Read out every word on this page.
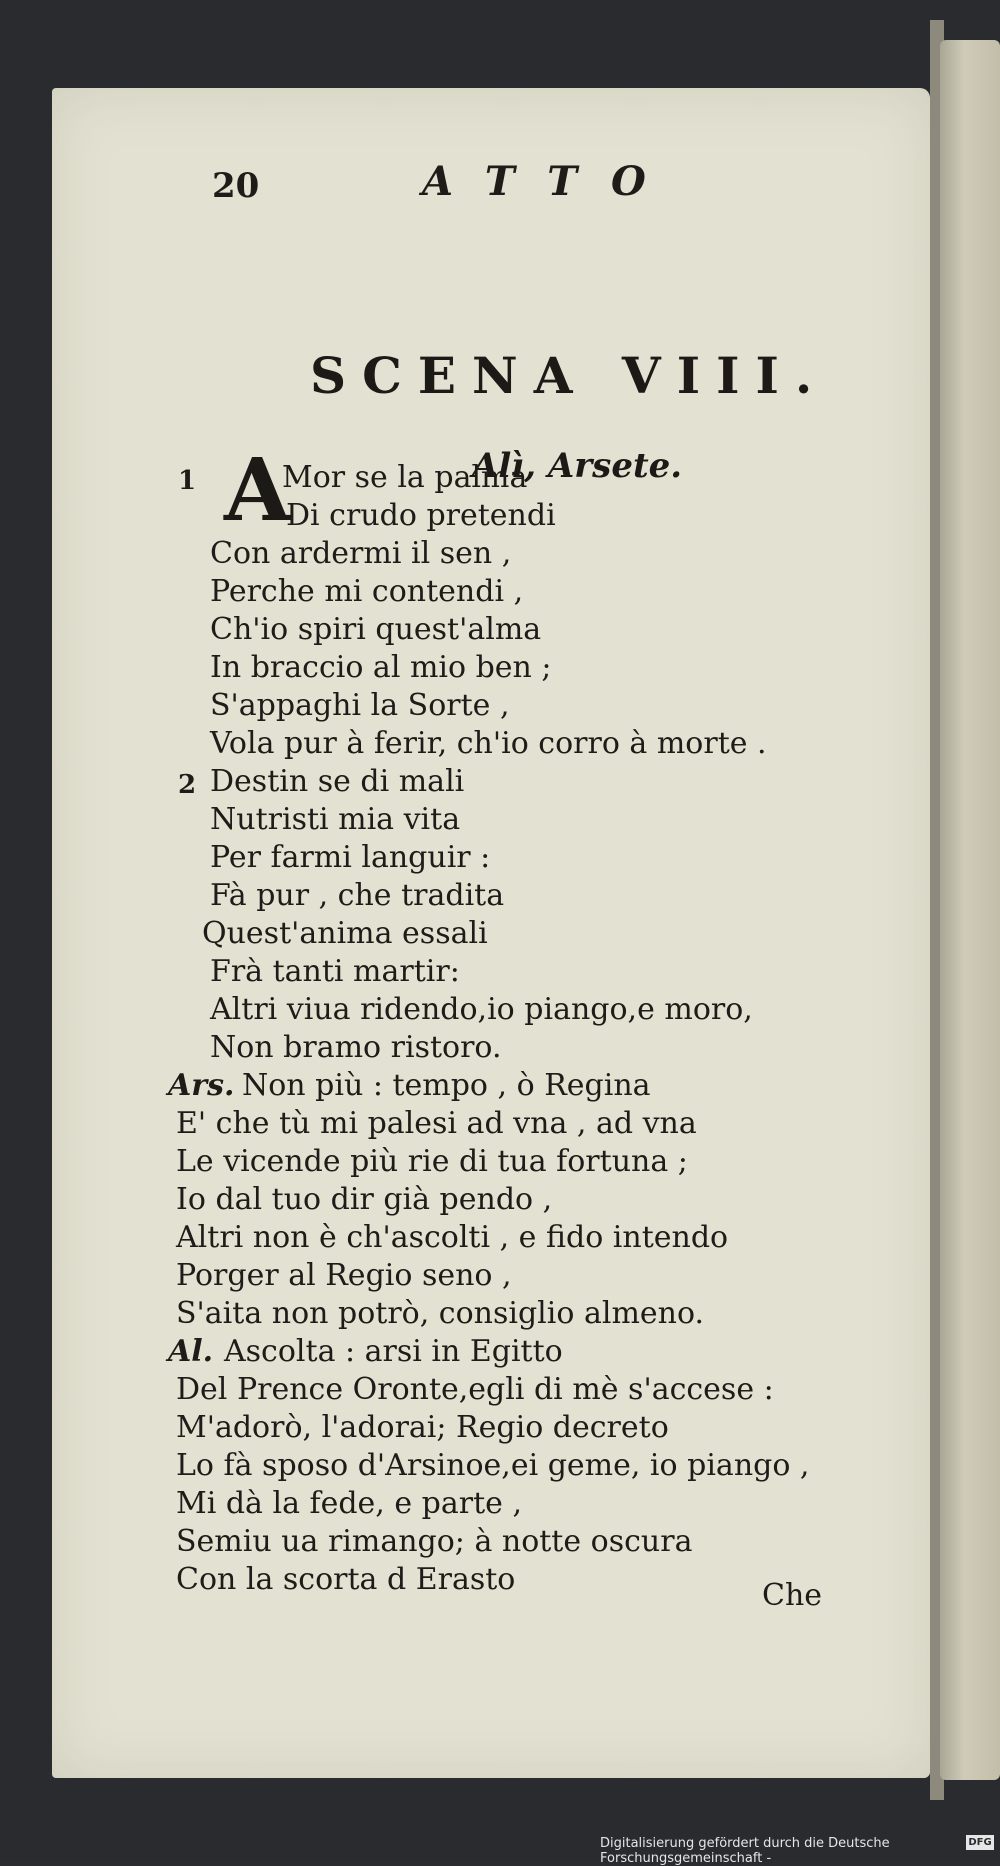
20	ATTO
SCENA VIII.
Alì, Arsete.
1 A
Mor se la palma
Di crudo pretendi
Con ardermi il sen ,
Perche mi contendi ,
Ch'io spiri quest'alma
In braccio al mio ben ;
S'appaghi la Sorte ,
Vola pur à ferir, ch'io corro à morte .
2 Destin se di mali
Nutristi mia vita
Per farmi languir :
Fà pur , che tradita
Quest'anima essali
Frà tanti martir:
Altri viua ridendo,io piango,e moro,
Non bramo ristoro.
Ars. Non più : tempo , ò Regina
E' che tù mi palesi ad vna , ad vna
Le vicende più rie di tua fortuna ;
Io dal tuo dir già pendo ,
Altri non è ch'ascolti , e fido intendo
Porger al Regio seno ,
S'aita non potrò, consiglio almeno.
Al. Ascolta : arsi in Egitto
Del Prence Oronte,egli di mè s'accese :
M'adorò, l'adorai; Regio decreto
Lo fà sposo d'Arsinoe,ei geme, io piango ,
Mi dà la fede, e parte ,
Semiu ua rimango; à notte oscura
Con la scorta d Erasto	Che
Digitalisierung gefördert durch die Deutsche Forschungsgemeinschaft -
DFG
